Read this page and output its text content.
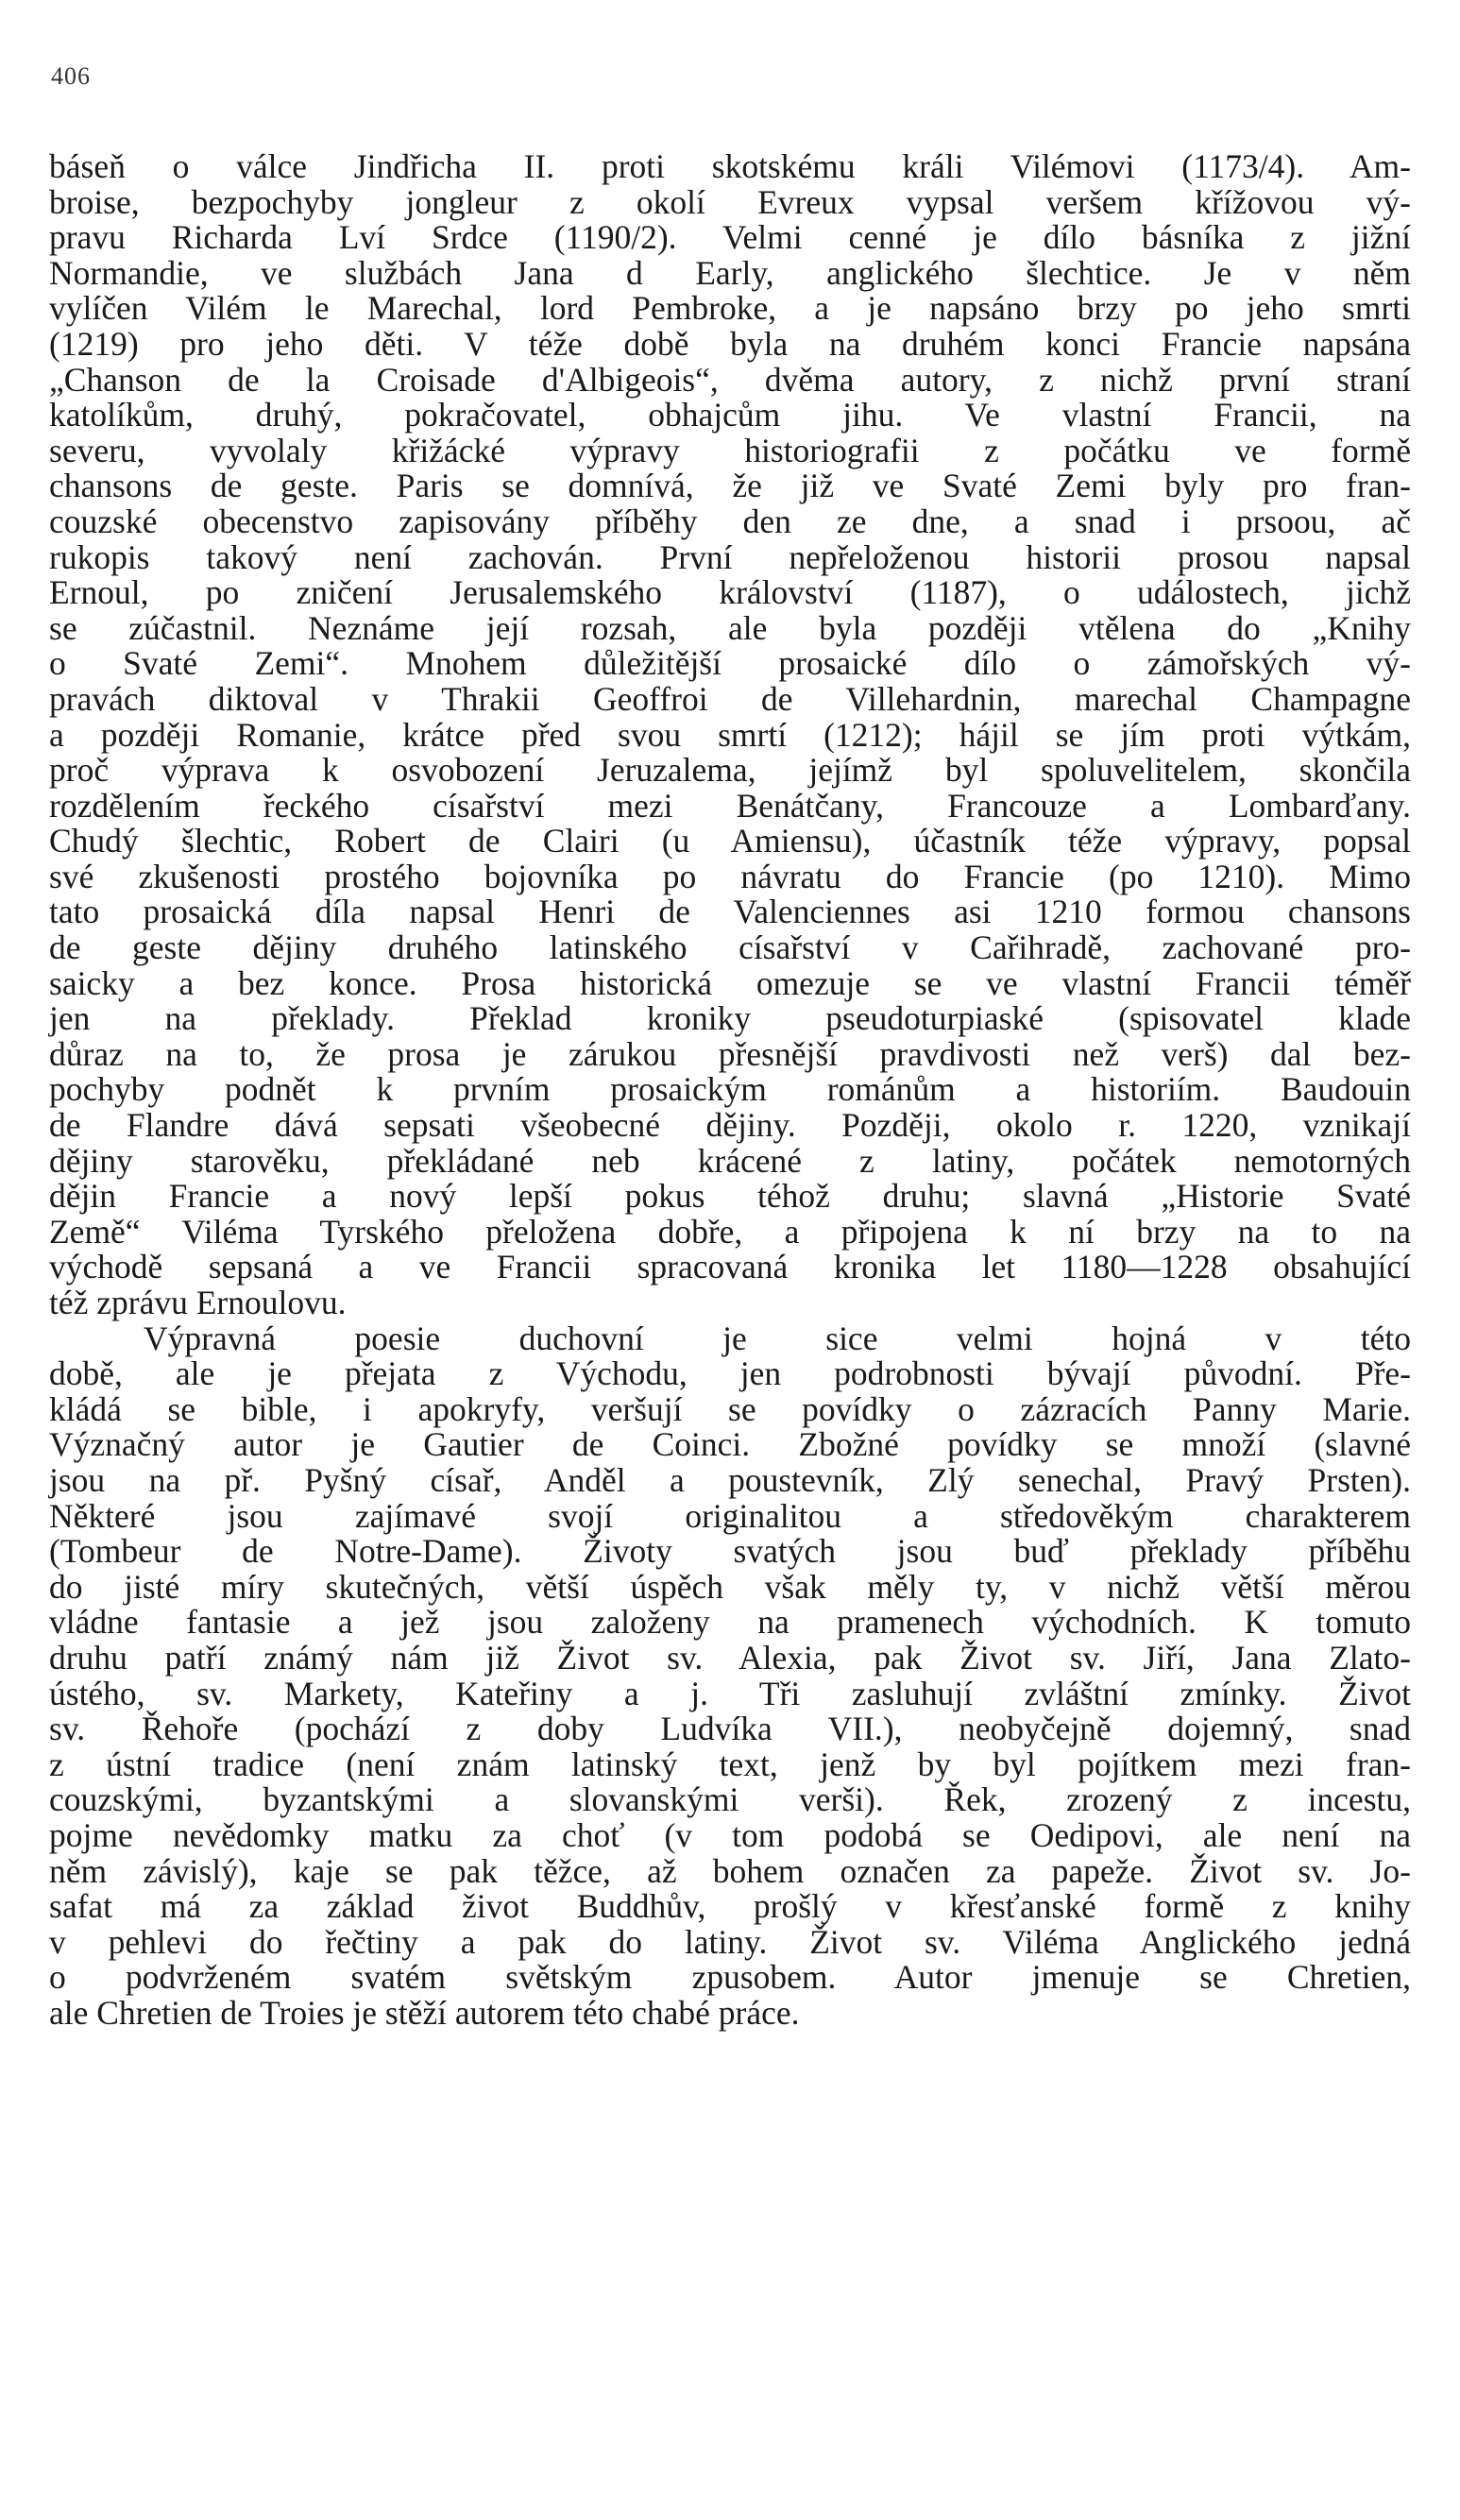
406
báseň o válce Jindřicha II. proti skotskému králi Vilémovi (1173/4). Am-
broise, bezpochyby jongleur z okolí Evreux vypsal veršem křížovou vý-
pravu Richarda Lví Srdce (1190/2). Velmi cenné je dílo básníka z jižní
Normandie, ve službách Jana d Early, anglického šlechtice. Je v něm
vylíčen Vilém le Marechal, lord Pembroke, a je napsáno brzy po jeho smrti
(1219) pro jeho děti. V téže době byla na druhém konci Francie napsána
„Chanson de la Croisade d'Albigeois“, dvěma autory, z nichž první straní
katolíkům, druhý, pokračovatel, obhajcům jihu. Ve vlastní Francii, na
severu, vyvolaly křižácké výpravy historiografii z počátku ve formě
chansons de geste. Paris se domnívá, že již ve Svaté Zemi byly pro fran-
couzské obecenstvo zapisovány příběhy den ze dne, a snad i prsoou, ač
rukopis takový není zachován. První nepřeloženou historii prosou napsal
Ernoul, po zničení Jerusalemského království (1187), o událostech, jichž
se zúčastnil. Neznáme její rozsah, ale byla později vtělena do „Knihy
o Svaté Zemi“. Mnohem důležitější prosaické dílo o zámořských vý-
pravách diktoval v Thrakii Geoffroi de Villehardnin, marechal Champagne
a později Romanie, krátce před svou smrtí (1212); hájil se jím proti výtkám,
proč výprava k osvobození Jeruzalema, jejímž byl spoluvelitelem, skončila
rozdělením řeckého císařství mezi Benátčany, Francouze a Lombarďany.
Chudý šlechtic, Robert de Clairi (u Amiensu), účastník téže výpravy, popsal
své zkušenosti prostého bojovníka po návratu do Francie (po 1210). Mimo
tato prosaická díla napsal Henri de Valenciennes asi 1210 formou chansons
de geste dějiny druhého latinského císařství v Cařihradě, zachované pro-
saicky a bez konce. Prosa historická omezuje se ve vlastní Francii téměř
jen na překlady. Překlad kroniky pseudoturpiaské (spisovatel klade
důraz na to, že prosa je zárukou přesnější pravdivosti než verš) dal bez-
pochyby podnět k prvním prosaickým románům a historiím. Baudouin
de Flandre dává sepsati všeobecné dějiny. Později, okolo r. 1220, vznikají
dějiny starověku, překládané neb krácené z latiny, počátek nemotorných
dějin Francie a nový lepší pokus téhož druhu; slavná „Historie Svaté
Země“ Viléma Tyrského přeložena dobře, a připojena k ní brzy na to na
východě sepsaná a ve Francii spracovaná kronika let 1180—1228 obsahující
též zprávu Ernoulovu.
Výpravná poesie duchovní je sice velmi hojná v této
době, ale je přejata z Východu, jen podrobnosti bývají původní. Pře-
kládá se bible, i apokryfy, veršují se povídky o zázracích Panny Marie.
Význačný autor je Gautier de Coinci. Zbožné povídky se množí (slavné
jsou na př. Pyšný císař, Anděl a poustevník, Zlý senechal, Pravý Prsten).
Některé jsou zajímavé svojí originalitou a středověkým charakterem
(Tombeur de Notre-Dame). Životy svatých jsou buď překlady příběhu
do jisté míry skutečných, větší úspěch však měly ty, v nichž větší měrou
vládne fantasie a jež jsou založeny na pramenech východních. K tomuto
druhu patří známý nám již Život sv. Alexia, pak Život sv. Jiří, Jana Zlato-
ústého, sv. Markety, Kateřiny a j. Tři zasluhují zvláštní zmínky. Život
sv. Řehoře (pochází z doby Ludvíka VII.), neobyčejně dojemný, snad
z ústní tradice (není znám latinský text, jenž by byl pojítkem mezi fran-
couzskými, byzantskými a slovanskými verši). Řek, zrozený z incestu,
pojme nevědomky matku za choť (v tom podobá se Oedipovi, ale není na
něm závislý), kaje se pak těžce, až bohem označen za papeže. Život sv. Jo-
safat má za základ život Buddhův, prošlý v křesťanské formě z knihy
v pehlevi do řečtiny a pak do latiny. Život sv. Viléma Anglického jedná
o podvrženém svatém světským zpusobem. Autor jmenuje se Chretien,
ale Chretien de Troies je stěží autorem této chabé práce.
